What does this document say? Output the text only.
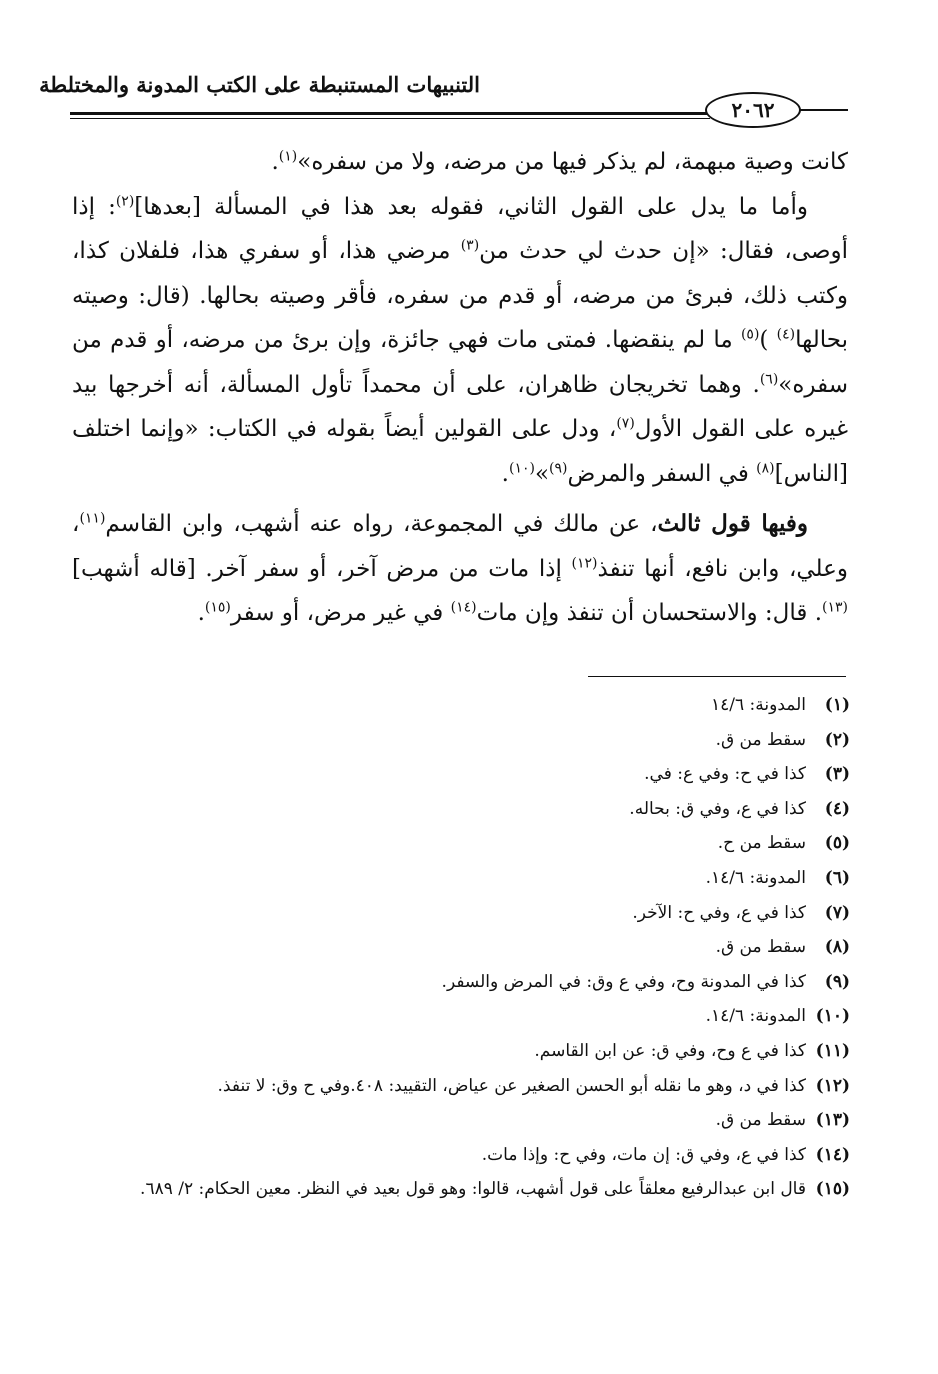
التنبيهات المستنبطة على الكتب المدونة والمختلطة
٢٠٦٢

كانت وصية مبهمة، لم يذكر فيها من مرضه، ولا من سفره»$^{(١)}$.

وأما ما يدل على القول الثاني، فقوله بعد هذا في المسألة [بعدها]$^{(٢)}$: إذا أوصى، فقال: «إن حدث لي حدث من$^{(٣)}$ مرضي هذا، أو سفري هذا، فلفلان كذا، وكتب ذلك، فبرئ من مرضه، أو قدم من سفره، فأقر وصيته بحالها. (قال: وصيته بحالها$^{(٤)}$ )$^{(٥)}$ ما لم ينقضها. فمتى مات فهي جائزة، وإن برئ من مرضه، أو قدم من سفره»$^{(٦)}$. وهما تخريجان ظاهران، على أن محمداً تأول المسألة، أنه أخرجها بيد غيره على القول الأول$^{(٧)}$، ودل على القولين أيضاً بقوله في الكتاب: «وإنما اختلف [الناس]$^{(٨)}$ في السفر والمرض$^{(٩)}$»$^{(١٠)}$.

وفيها قول ثالث، عن مالك في المجموعة، رواه عنه أشهب، وابن القاسم$^{(١١)}$، وعلي، وابن نافع، أنها تنفذ$^{(١٢)}$ إذا مات من مرض آخر، أو سفر آخر. [قاله أشهب]$^{(١٣)}$. قال: والاستحسان أن تنفذ وإن مات$^{(١٤)}$ في غير مرض، أو سفر$^{(١٥)}$.

(١)
المدونة: ١٤/٦
(٢)
سقط من ق.
(٣)
كذا في ح: وفي ع: في.
(٤)
كذا في ع، وفي ق: بحاله.
(٥)
سقط من ح.
(٦)
المدونة: ١٤/٦.
(٧)
كذا في ع، وفي ح: الآخر.
(٨)
سقط من ق.
(٩)
كذا في المدونة وح، وفي ع وق: في المرض والسفر.
(١٠)
المدونة: ١٤/٦.
(١١)
كذا في ع وح، وفي ق: عن ابن القاسم.
(١٢)
كذا في د، وهو ما نقله أبو الحسن الصغير عن عياض، التقييد: ٤٠٨.وفي ح وق: لا تنفذ.
(١٣)
سقط من ق.
(١٤)
كذا في ع، وفي ق: إن مات، وفي ح: وإذا مات.
(١٥)
قال ابن عبدالرفيع معلقاً على قول أشهب، قالوا: وهو قول بعيد في النظر. معين الحكام: ٢/ ٦٨٩.
